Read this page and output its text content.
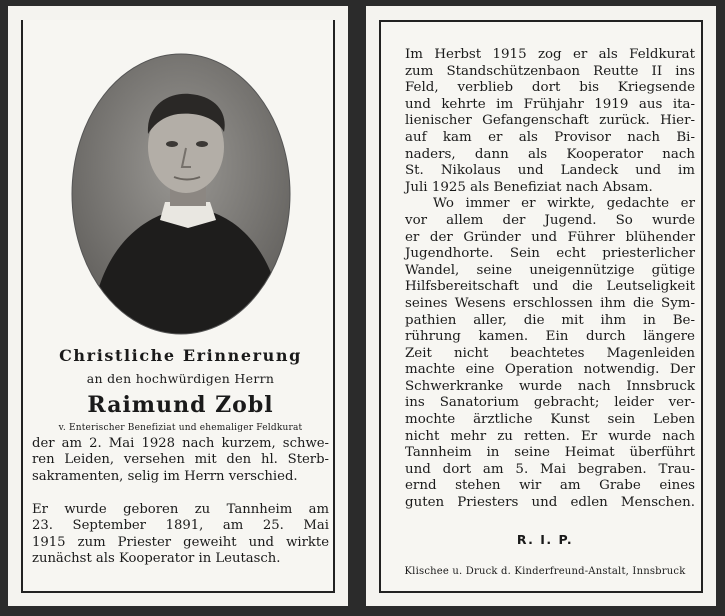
Christliche Erinnerung
an den hochwürdigen Herrn
Raimund Zobl
v. Enterischer Benefiziat und ehemaliger Feldkurat
der am 2. Mai 1928 nach kurzem, schwe-
ren Leiden, versehen mit den hl. Sterb-
sakramenten, selig im Herrn verschied.
Er wurde geboren zu Tannheim am
23. September 1891, am 25. Mai
1915 zum Priester geweiht und wirkte
zunächst als Kooperator in Leutasch.
Im Herbst 1915 zog er als Feldkurat
zum Standschützenbaon Reutte II ins
Feld, verblieb dort bis Kriegsende
und kehrte im Frühjahr 1919 aus ita-
lienischer Gefangenschaft zurück. Hier-
auf kam er als Provisor nach Bi-
naders, dann als Kooperator nach
St. Nikolaus und Landeck und im
Juli 1925 als Benefiziat nach Absam.
Wo immer er wirkte, gedachte er
vor allem der Jugend. So wurde
er der Gründer und Führer blühender
Jugendhorte. Sein echt priesterlicher
Wandel, seine uneigennützige gütige
Hilfsbereitschaft und die Leutseligkeit
seines Wesens erschlossen ihm die Sym-
pathien aller, die mit ihm in Be-
rührung kamen. Ein durch längere
Zeit nicht beachtetes Magenleiden
machte eine Operation notwendig. Der
Schwerkranke wurde nach Innsbruck
ins Sanatorium gebracht; leider ver-
mochte ärztliche Kunst sein Leben
nicht mehr zu retten. Er wurde nach
Tannheim in seine Heimat überführt
und dort am 5. Mai begraben. Trau-
ernd stehen wir am Grabe eines
guten Priesters und edlen Menschen.
R. I. P.
Klischee u. Druck d. Kinderfreund-Anstalt, Innsbruck
